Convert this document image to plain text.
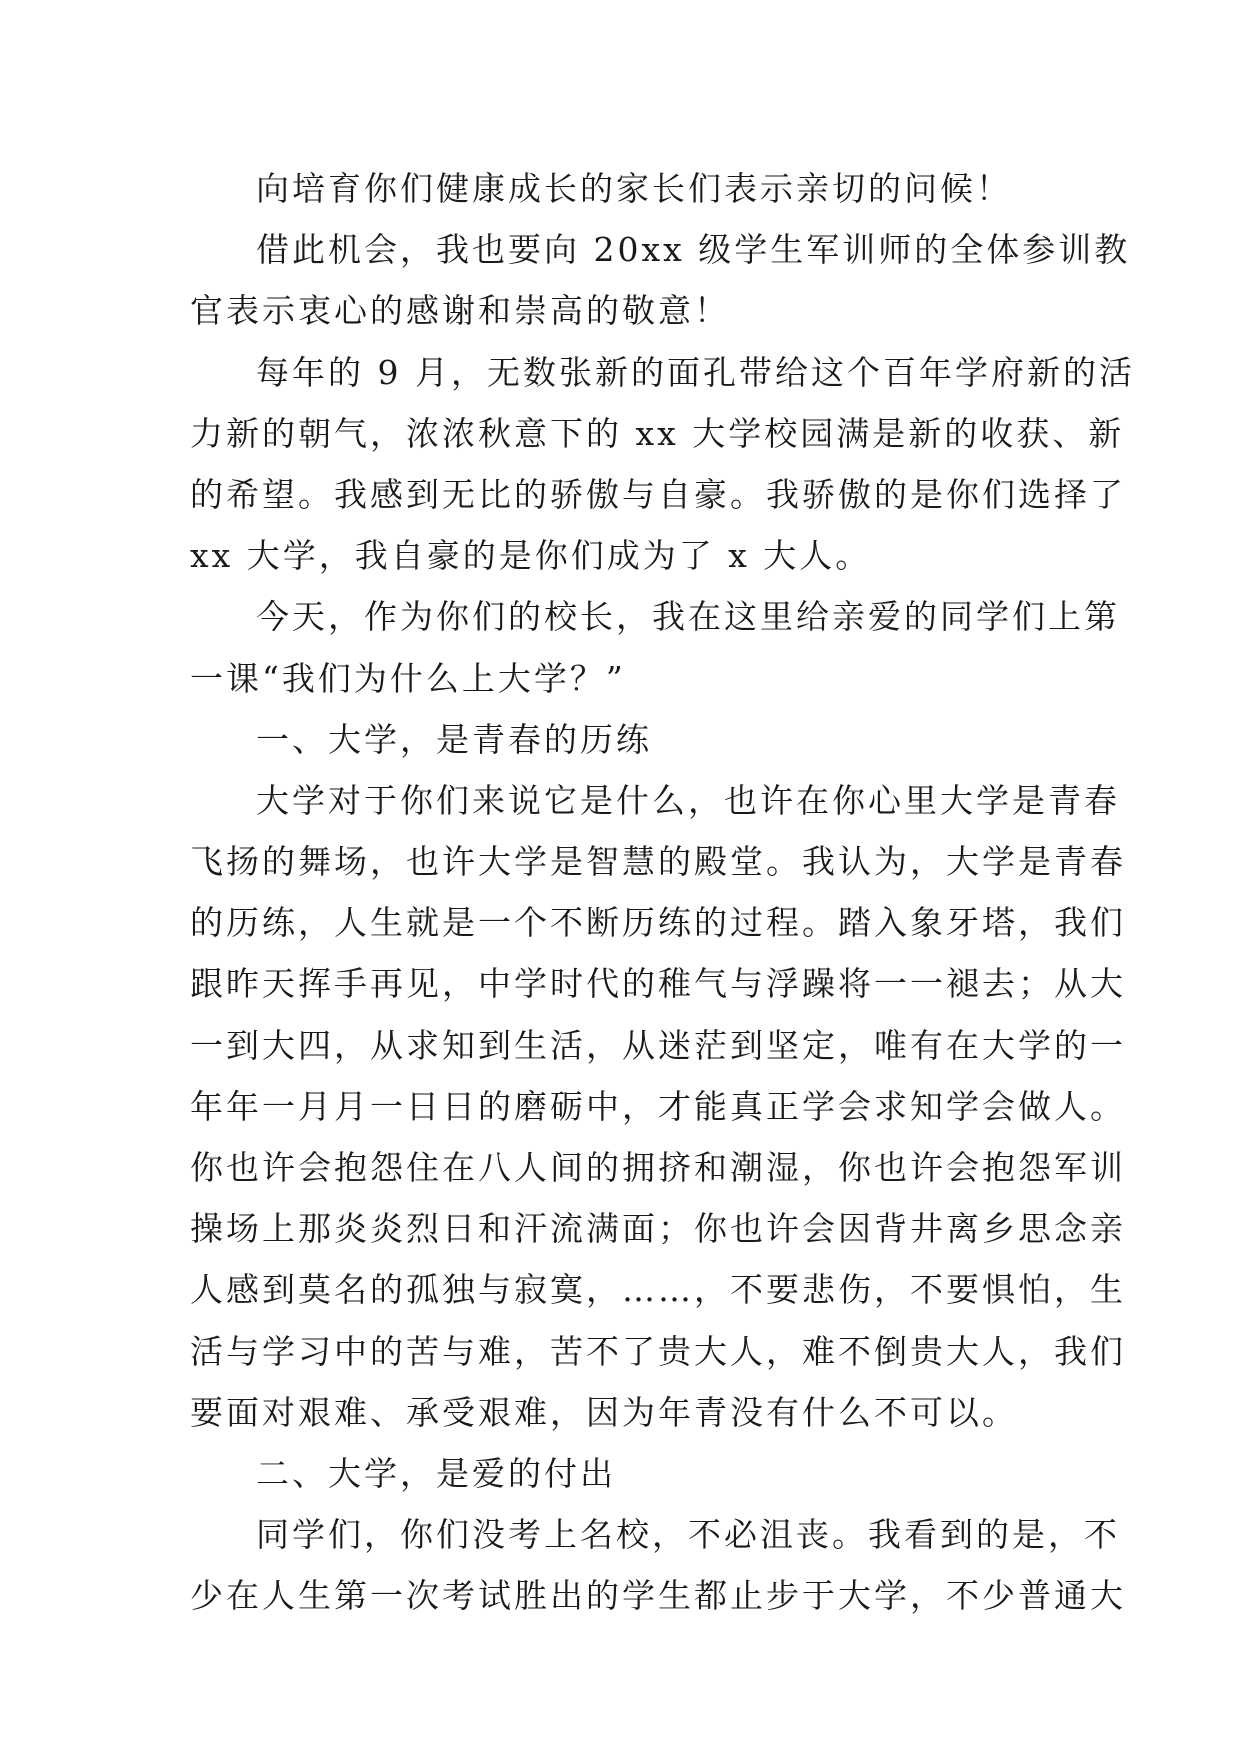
向培育你们健康成长的家长们表示亲切的问候！
借此机会，我也要向 20xx 级学生军训师的全体参训教
官表示衷心的感谢和崇高的敬意！
每年的 9 月，无数张新的面孔带给这个百年学府新的活
力新的朝气，浓浓秋意下的 xx 大学校园满是新的收获、新
的希望。我感到无比的骄傲与自豪。我骄傲的是你们选择了
xx 大学，我自豪的是你们成为了 x 大人。
今天，作为你们的校长，我在这里给亲爱的同学们上第
一课“我们为什么上大学？”
一、大学，是青春的历练
大学对于你们来说它是什么，也许在你心里大学是青春
飞扬的舞场，也许大学是智慧的殿堂。我认为，大学是青春
的历练，人生就是一个不断历练的过程。踏入象牙塔，我们
跟昨天挥手再见，中学时代的稚气与浮躁将一一褪去；从大
一到大四，从求知到生活，从迷茫到坚定，唯有在大学的一
年年一月月一日日的磨砺中，才能真正学会求知学会做人。
你也许会抱怨住在八人间的拥挤和潮湿，你也许会抱怨军训
操场上那炎炎烈日和汗流满面；你也许会因背井离乡思念亲
人感到莫名的孤独与寂寞，……，不要悲伤，不要惧怕，生
活与学习中的苦与难，苦不了贵大人，难不倒贵大人，我们
要面对艰难、承受艰难，因为年青没有什么不可以。
二、大学，是爱的付出
同学们，你们没考上名校，不必沮丧。我看到的是，不
少在人生第一次考试胜出的学生都止步于大学，不少普通大
